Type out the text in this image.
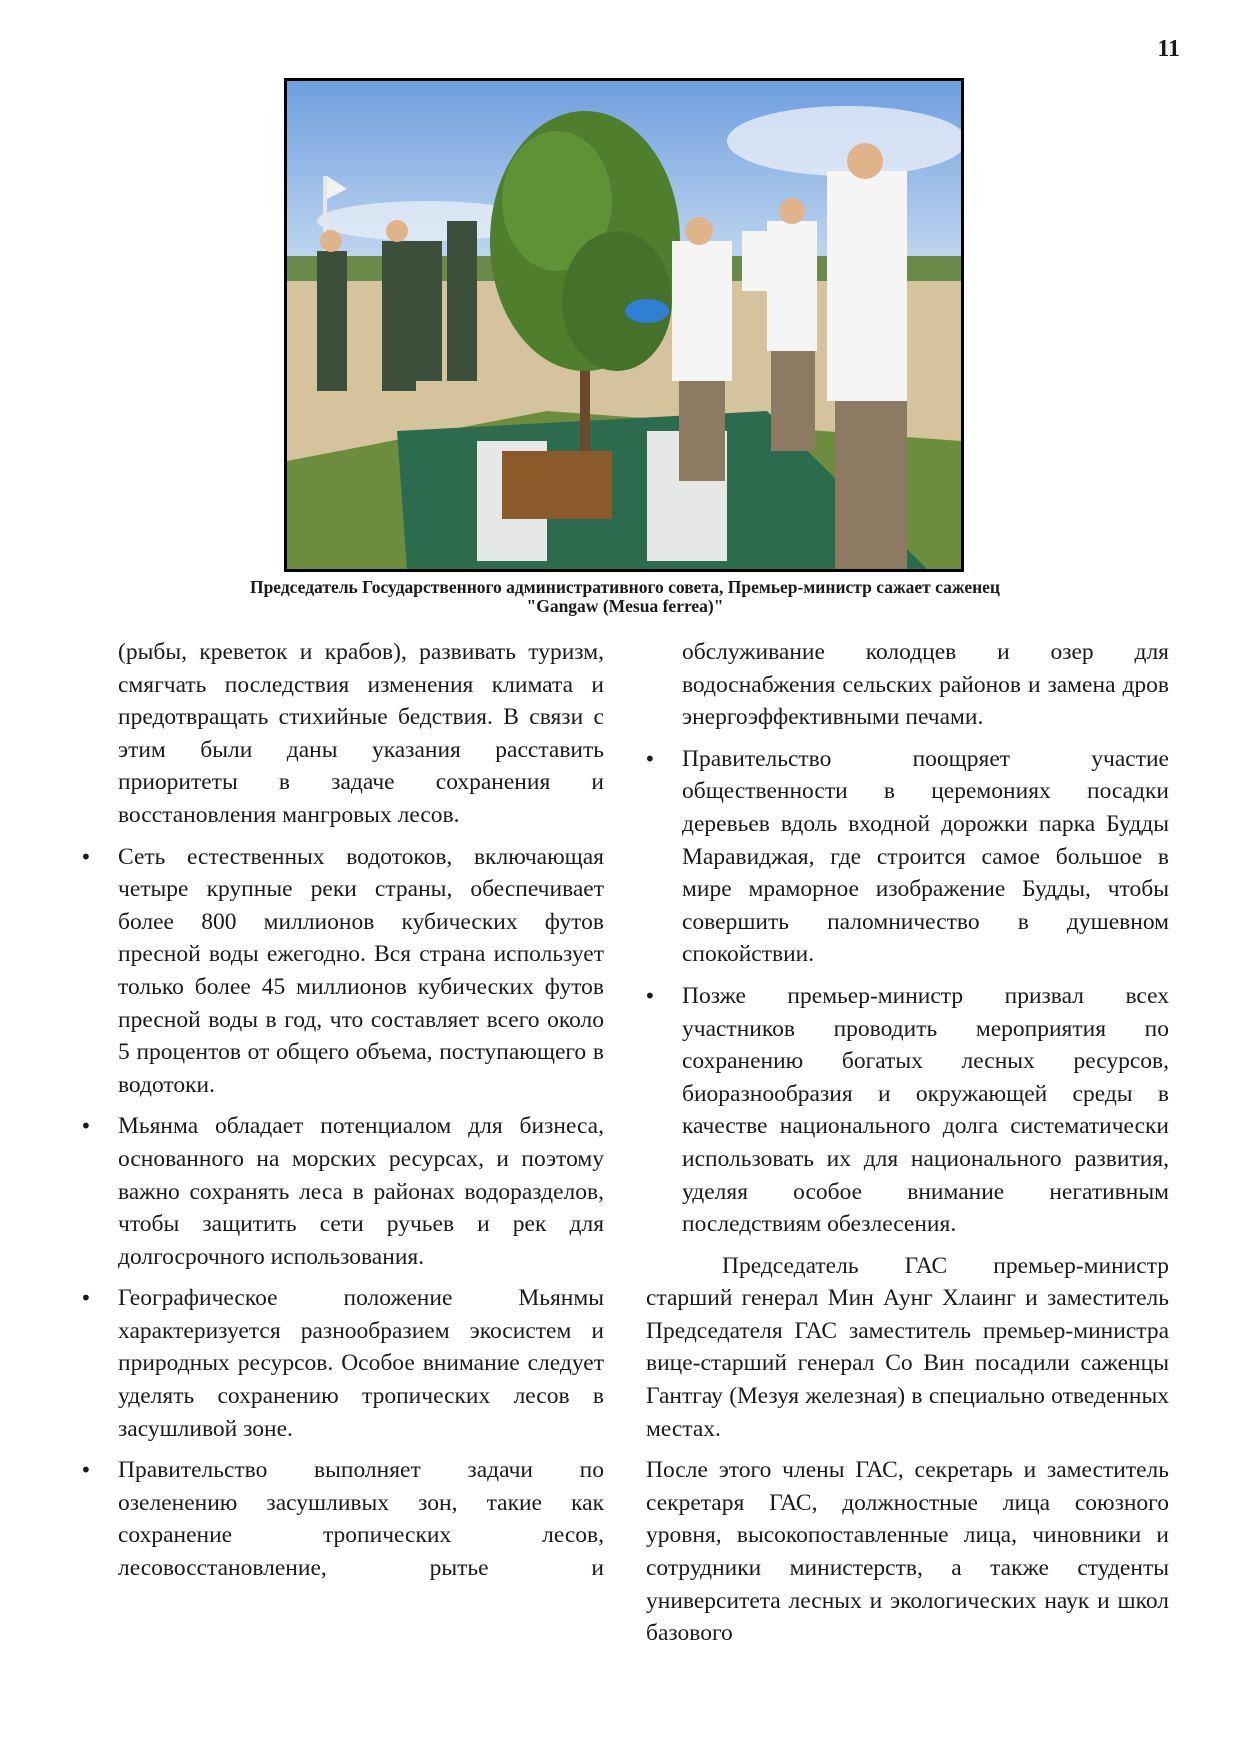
11
Председатель Государственного административного совета, Премьер-министр сажает саженец
"Gangaw (Mesua ferrea)"

(рыбы, креветок и крабов), развивать туризм, смягчать последствия изменения климата и предотвращать стихийные бедствия. В связи с этим были даны указания расставить приоритеты в задаче сохранения и восстановления мангровых лесов.

• Сеть естественных водотоков, включающая четыре крупные реки страны, обеспечивает более 800 миллионов кубических футов пресной воды ежегодно. Вся страна использует только более 45 миллионов кубических футов пресной воды в год, что составляет всего около 5 процентов от общего объема, поступающего в водотоки.

• Мьянма обладает потенциалом для бизнеса, основанного на морских ресурсах, и поэтому важно сохранять леса в районах водоразделов, чтобы защитить сети ручьев и рек для долгосрочного использования.

• Географическое положение Мьянмы характеризуется разнообразием экосистем и природных ресурсов. Особое внимание следует уделять сохранению тропических лесов в засушливой зоне.

• Правительство выполняет задачи по озеленению засушливых зон, такие как сохранение тропических лесов, лесовосстановление, рытье и

обслуживание колодцев и озер для водоснабжения сельских районов и замена дров энергоэффективными печами.

• Правительство поощряет участие общественности в церемониях посадки деревьев вдоль входной дорожки парка Будды Маравиджая, где строится самое большое в мире мраморное изображение Будды, чтобы совершить паломничество в душевном спокойствии.

• Позже премьер-министр призвал всех участников проводить мероприятия по сохранению богатых лесных ресурсов, биоразнообразия и окружающей среды в качестве национального долга систематически использовать их для национального развития, уделяя особое внимание негативным последствиям обезлесения.

Председатель ГАС премьер-министр старший генерал Мин Аунг Хлаинг и заместитель Председателя ГАС заместитель премьер-министра вице-старший генерал Со Вин посадили саженцы Гантгау (Мезуя железная) в специально отведенных местах.

После этого члены ГАС, секретарь и заместитель секретаря ГАС, должностные лица союзного уровня, высокопоставленные лица, чиновники и сотрудники министерств, а также студенты университета лесных и экологических наук и школ базового
